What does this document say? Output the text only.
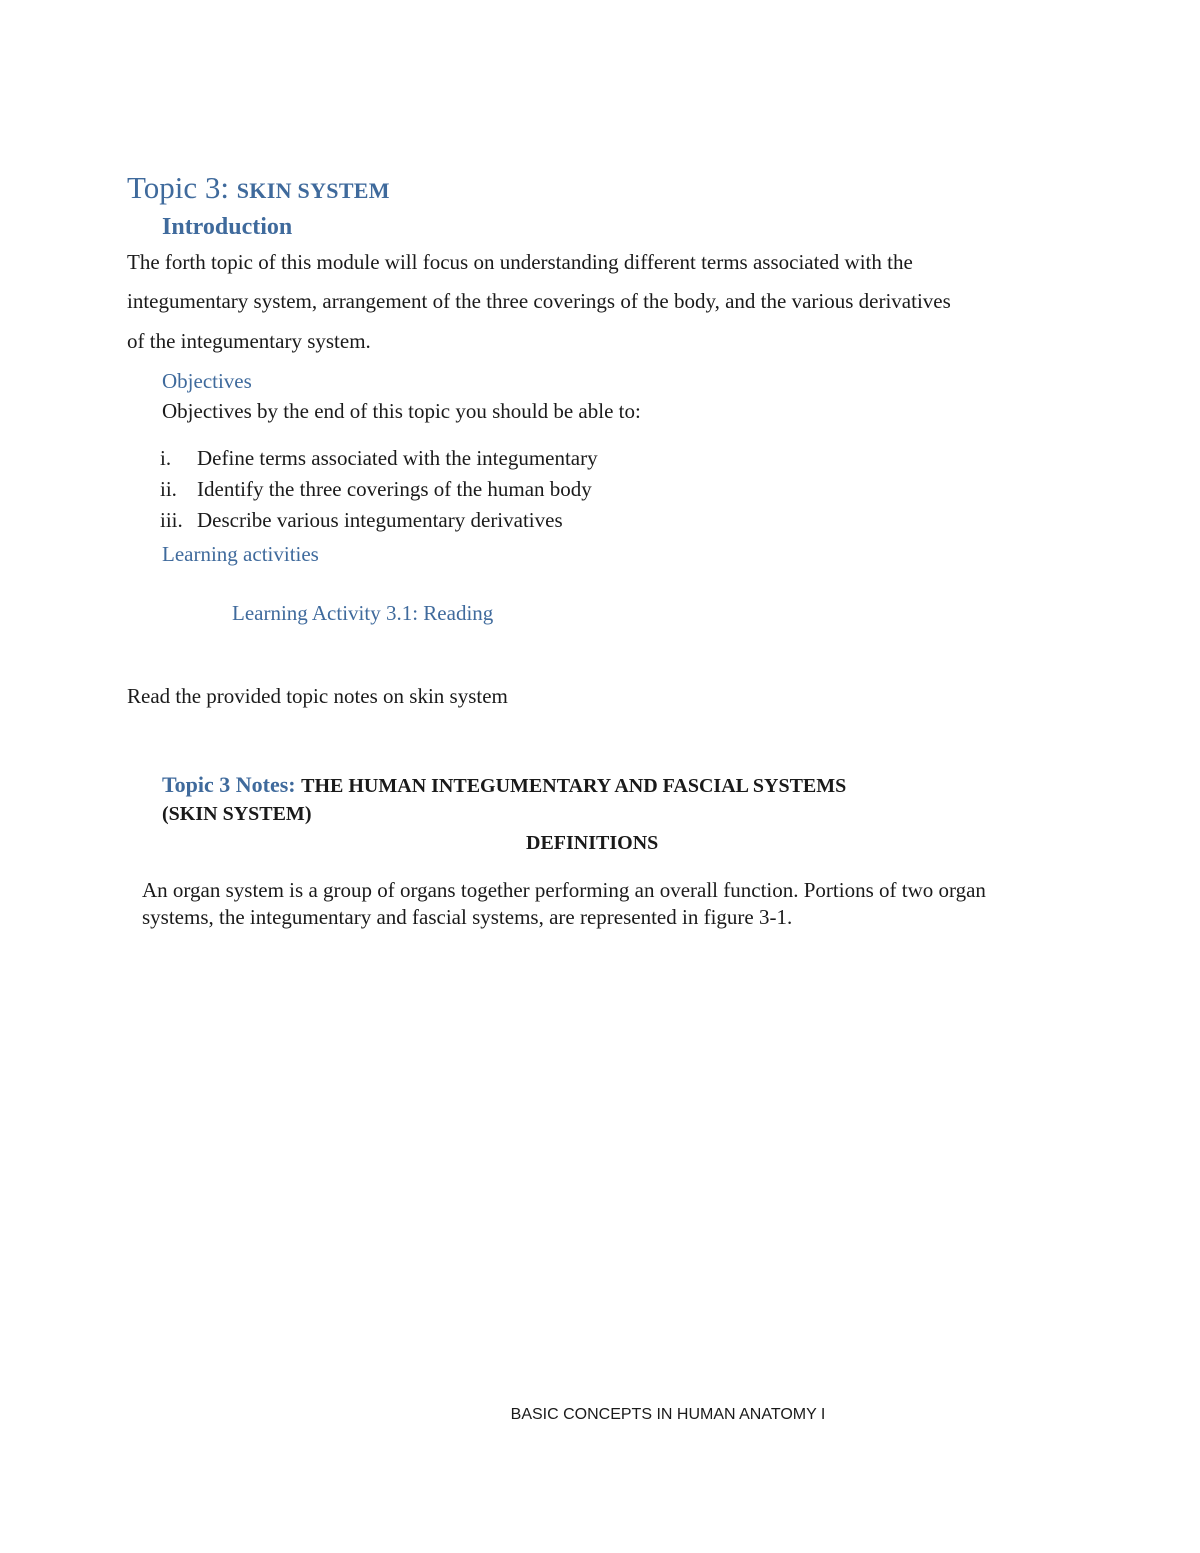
Topic 3: SKIN SYSTEM
Introduction
The forth topic of this module will focus on understanding different terms associated with the
integumentary system, arrangement of the three coverings of the body, and the various derivatives
of the integumentary system.
Objectives
Objectives by the end of this topic you should be able to:
i. Define terms associated with the integumentary
ii. Identify the three coverings of the human body
iii. Describe various integumentary derivatives
Learning activities
Learning Activity 3.1: Reading
Read the provided topic notes on skin system
Topic 3 Notes: THE HUMAN INTEGUMENTARY AND FASCIAL SYSTEMS
(SKIN SYSTEM)
DEFINITIONS
An organ system is a group of organs together performing an overall function. Portions of two organ
systems, the integumentary and fascial systems, are represented in figure 3-1.
BASIC CONCEPTS IN HUMAN ANATOMY I
